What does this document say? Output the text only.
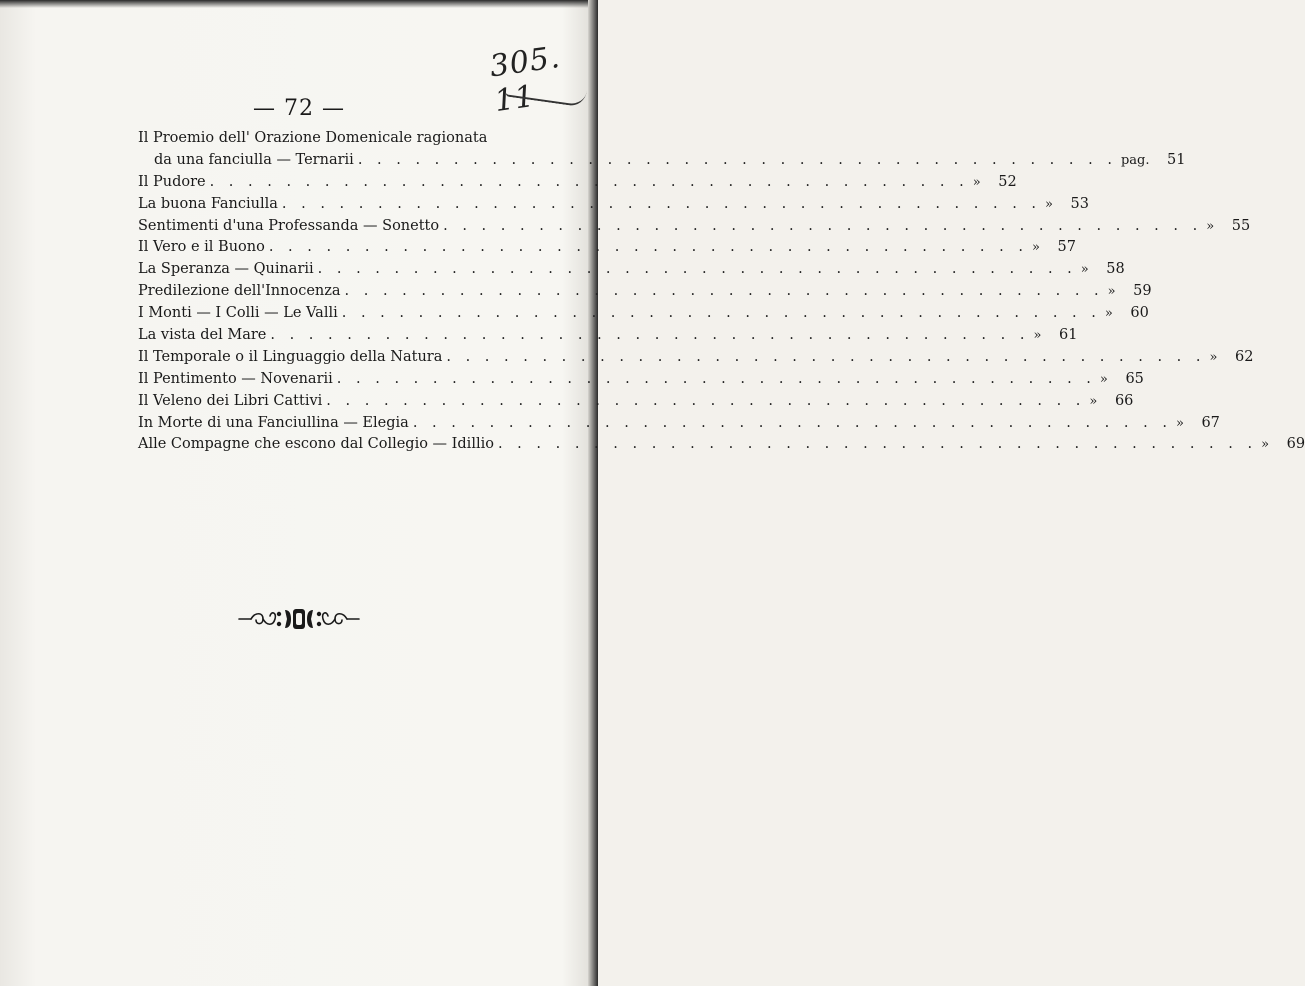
305. 11
— 72 —
Il Proemio dell' Orazione Domenicale ragionata
da una fanciulla — Ternarii . . . . . . . . . . . . . . . . . . . . . . . . . . . . . . . . . . . . . . . . pag.	51
Il Pudore . . . . . . . . . . . . . . . . . . . . . . . . . . . . . . . . . . . . . . . . »	52
La buona Fanciulla . . . . . . . . . . . . . . . . . . . . . . . . . . . . . . . . . . . . . . . . »	53
Sentimenti d'una Professanda — Sonetto . . . . . . . . . . . . . . . . . . . . . . . . . . . . . . . . . . . . . . . . »	55
Il Vero e il Buono . . . . . . . . . . . . . . . . . . . . . . . . . . . . . . . . . . . . . . . . »	57
La Speranza — Quinarii . . . . . . . . . . . . . . . . . . . . . . . . . . . . . . . . . . . . . . . . »	58
Predilezione dell'Innocenza . . . . . . . . . . . . . . . . . . . . . . . . . . . . . . . . . . . . . . . . »	59
I Monti — I Colli — Le Valli . . . . . . . . . . . . . . . . . . . . . . . . . . . . . . . . . . . . . . . . »	60
La vista del Mare . . . . . . . . . . . . . . . . . . . . . . . . . . . . . . . . . . . . . . . . »	61
Il Temporale o il Linguaggio della Natura . . . . . . . . . . . . . . . . . . . . . . . . . . . . . . . . . . . . . . . . »	62
Il Pentimento — Novenarii . . . . . . . . . . . . . . . . . . . . . . . . . . . . . . . . . . . . . . . . »	65
Il Veleno dei Libri Cattivi . . . . . . . . . . . . . . . . . . . . . . . . . . . . . . . . . . . . . . . . »	66
In Morte di una Fanciullina — Elegia . . . . . . . . . . . . . . . . . . . . . . . . . . . . . . . . . . . . . . . . »	67
Alle Compagne che escono dal Collegio — Idillio . . . . . . . . . . . . . . . . . . . . . . . . . . . . . . . . . . . . . . . . »	69
